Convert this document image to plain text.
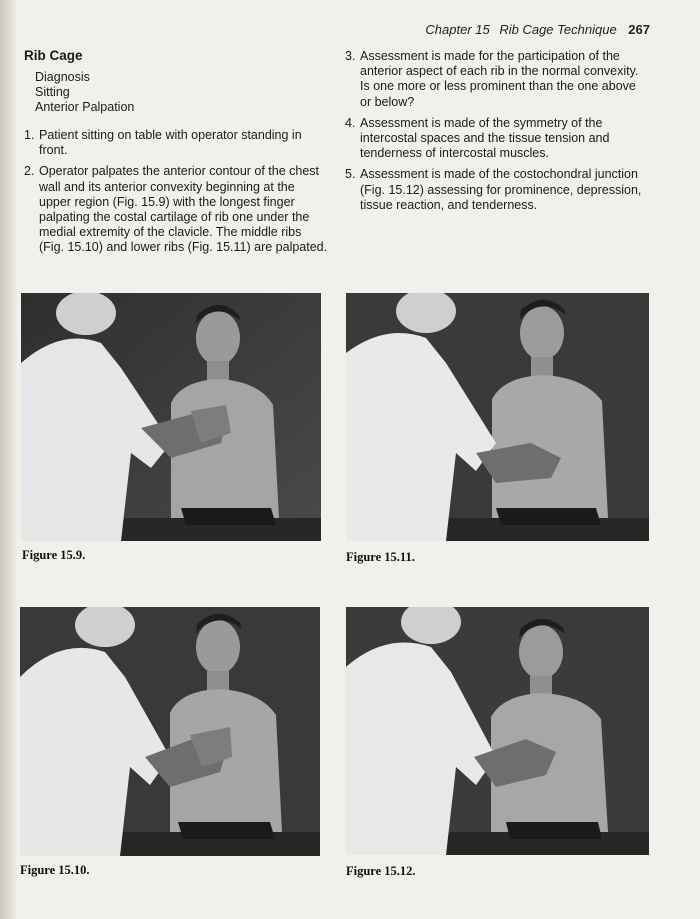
Chapter 15 Rib Cage Technique 267
Rib Cage
Diagnosis
Sitting
Anterior Palpation
1. Patient sitting on table with operator standing in front.
2. Operator palpates the anterior contour of the chest wall and its anterior convexity beginning at the upper region (Fig. 15.9) with the longest finger palpating the costal cartilage of rib one under the medial extremity of the clavicle. The middle ribs (Fig. 15.10) and lower ribs (Fig. 15.11) are palpated.
3. Assessment is made for the participation of the anterior aspect of each rib in the normal convexity. Is one more or less prominent than the one above or below?
4. Assessment is made of the symmetry of the intercostal spaces and the tissue tension and tenderness of intercostal muscles.
5. Assessment is made of the costochondral junction (Fig. 15.12) assessing for prominence, depression, tissue reaction, and tenderness.
Figure 15.9.	Figure 15.11.
Figure 15.10.	Figure 15.12.
